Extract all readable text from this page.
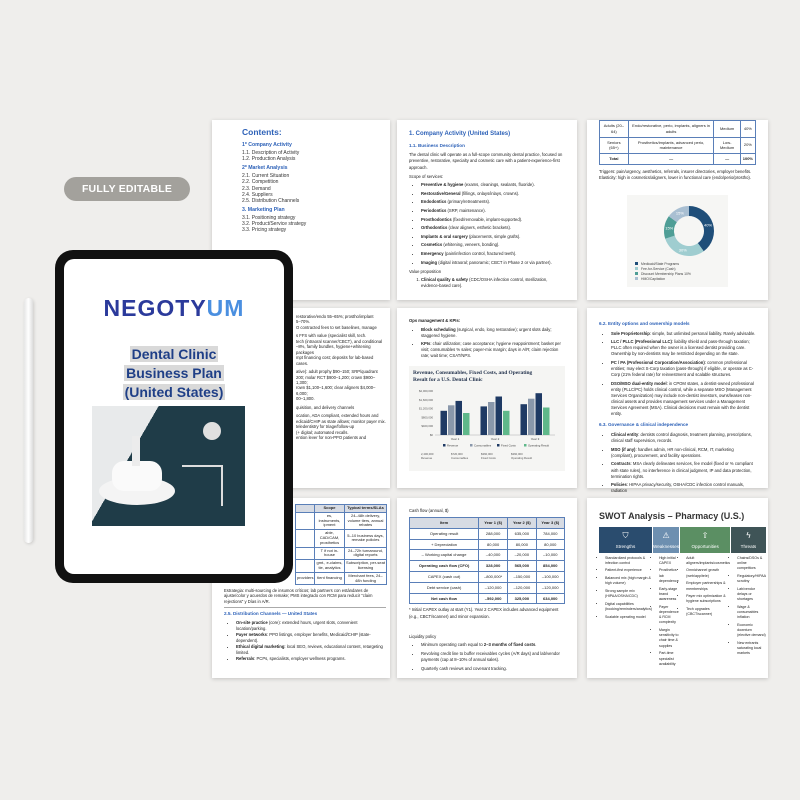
FULLY EDITABLE
Contents:
1º Company Activity
1.1. Description of Activity
1.2. Production Analysis
2º Market Analysis
2.1. Current Situation
2.2. Competition
2.3. Demand
2.4. Suppliers
2.5. Distribution Channels
3. Marketing Plan
3.1. Positioning strategy
3.2. Product/Service strategy
3.3. Pricing strategy
1. Company Activity (United States)
1.1. Business Description

The dental clinic will operate as a full-scope community dental practice, focused on preventive, restorative, specialty and cosmetic care with a patient-experience-first approach.

Scope of services:

• Preventive & hygiene (exams, cleanings, sealants, fluoride).
• Restorative/General (fillings, onlays/inlays, crowns).
• Endodontics (primary/retreatments).
• Periodontics (SRP, maintenance).
• Prosthodontics (fixed/removable, implant-supported).
• Orthodontics (clear aligners, esthetic brackets).
• Implants & oral surgery (placements, simple grafts).
• Cosmetics (whitening, veneers, bonding).
• Emergency (pain/infection control, fractured teeth).
• Imaging (digital intraoral; panoramic; CBCT in Phase 2 or via partner).

Value proposition

1. Clinical quality & safety (CDC/OSHA infection control, sterilization, evidence-based care).
Adults (20–64)	Endo/restorative, perio, implants, aligners in adults	Medium	40%
Seniors (65+)	Prosthetics/implants, advanced perio, maintenance	Low-Medium	20%
Total	—	—	100%

Triggers: pain/urgency, aesthetics, referrals, insurer directories, employer benefits.

Elasticity: high in cosmetics/aligners, lower in functional care (endo/perio/prostho).

40%
Medicaid/State Programs
30%
Fee-for-Service (Cash)
15%
Discount Membership Plans 10%
15%
HMO/Capitation

restorative/endo 55–65%; prostho/implant

5–70%.

O contracted fees to set baselines, manage

s FFS with value (specialist skill, tech.

tech (intraoral scanner/CBCT), and conditional

–8%, family bundles, hygiene+whitening packages

mpt financing cost; deposits for lab-based cases.

ative): adult prophy $90–150; SRP/quadrant

200; molar RCT $900–1,200; crown $900–1,300;

rown $1,100–1,600; clear aligners $4,000–6,000;

00–1,800.

quisition, and delivery channels

ocation, ADA compliant, extended hours and

edicaid/CHIP as state allows; monitor payer mix.

teledentistry for triage/follow-up

(+ digital; automated recalls.

ention lever for non-PPO patients and

Ops management & KPIs:

• Block scheduling (surgical, endo, long restorative); urgent slots daily; staggered hygiene.
• KPIs: chair utilization; case acceptance; hygiene reappointment; basket per visit; consumables % sales; payer-mix margin; days in A/R; claim rejection rate; wait time; CSAT/NPS.
Revenue, Consumables, Fixed Costs, and Operating Result for a U.S. Dental Clinic
$0
$400,000
$800,000
$1,200,000
$1,600,000
$2,000,000
Year 1	Year 2	Year 3
Revenue	Consumables	Fixed Costs	Operating Result
2,400,000
Revenue
$720,000
Consumables
$360,000
Fixed Costs
$360,000
Operating Result
6.2. Entity options and ownership models
• Sole Proprietorship: simple, but unlimited personal liability. Rarely advisable.
• LLC / PLLC (Professional LLC): liability shield and pass-through taxation; PLLC often required when the owner is a licensed dentist providing care. Ownership by non-dentists may be restricted depending on the state.
• PC / PA (Professional Corporation/Association): common professional entities; may elect S-Corp taxation (pass-through) if eligible, or operate as C-Corp (21% federal rate) for reinvestment and scalable structures.
• DSO/MSO dual-entity model: in CPOM states, a dentist-owned professional entity (PLLC/PC) holds clinical control, while a separate MSO (Management Services Organization) may include non-dentist investors, owns/leases non-clinical assets and provides management services under a Management Services Agreement (MSA). Clinical decisions must remain with the dentist entity.
6.3. Governance & clinical independence
• Clinical entity: dentists control diagnosis, treatment planning, prescriptions, clinical staff supervision, records.
• MSO (if any): handles admin, HR non-clinical, RCM, IT, marketing (compliant), procurement, and facility operations.
• Contracts: MSA clearly delineates services, fee model (fixed or % compliant with state rules), no interference in clinical judgment, IP and data protection, termination rights.
• Policies: HIPAA privacy/security, OSHA/CDC infection control manuals, radiation
	Scope	Typical terms/SLAs
	es, instruments, ipment	24–48h delivery, volume tiers, annual rebates
	able, CAD/CAM, prosthetics	5–10 business days, remake policies
	T if not in-house	24–72h turnaround, digital reports
	gmt., e-claims, tie, analytics	Subscription, per-seat licensing
providers	tient financing	Merchant fees, 24–48h funding

Estrategia: multi-sourcing de insumos críticos; lab partners con estándares de ajuste/color y acuerdos de remake; PMS integrado con RCM para reducir “claim rejections” y Días in A/R.

2.5. Distribution Channels — United States
• On-site practice (core): extended hours, urgent slots, convenient location/parking.
• Payer networks: PPO listings, employer benefits, Medicaid/CHIP (state-dependent).
• Ethical digital marketing: local SEO, reviews, educational content, retargeting limited.
• Referrals: PCPs, specialists, employer wellness programs.

Cash flow (annual, $)

Item	Year 1 ($)	Year 2 ($)	Year 3 ($)
Operating result	288,000	635,000	784,000
+ Depreciation	80,000	80,000	80,000
– Working capital change	–40,000	–20,000	–10,000
Operating cash flow (CFO)	328,000	565,000	854,000
CAPEX (cash out)	–800,000*	–150,000	–100,000
Debt service (cash)	–120,000	–120,000	–120,000
Net cash flow	–592,000	325,000	634,000

* Initial CAPEX outlay at start (Y1). Year 2 CAPEX includes advanced equipment (e.g., CBCT/scanner) and minor expansion.

Liquidity policy

• Minimum operating cash equal to 2–3 months of fixed costs.
• Revolving credit line to buffer receivables cycles (A/R days) and lab/vendor payments (cap at 8–10% of annual sales).
• Quarterly cash reviews and covenant tracking.
SWOT Analysis – Pharmacy (U.S.)
⛉
Strengths
• Standardized protocols & infection control
• Patient-first experience
• Balanced mix (high margin & high volume)
• Strong sample mix (HIPAA/OSHA/CDC)
• Digital capabilities (booking/reminders/analytics)
• Scalable operating model
⚠
Weaknesses
• High initial CAPEX
• Prosthetics lab dependence
• Early-stage brand awareness
• Payer dependence & RCM complexity
• Margin sensitivity to chair time & supplies
• Part-time specialist availability
⇧
Opportunities
• Adult aligners/implants/cosmetics
• Omnichannel growth (web/app/tele)
• Employer partnerships & memberships
• Payer mix optimization & hygiene subscriptions
• Tech upgrades (CBCT/scanner)
ϟ
Threats
• Chains/DSOs & online competitors
• Regulatory/HIPAA scrutiny
• Lab/vendor delays or shortages
• Wage & consumables inflation
• Economic downturn (elective demand)
• New entrants saturating local markets
NEGOTYUM
Dental Clinic
Business Plan
(United States)
